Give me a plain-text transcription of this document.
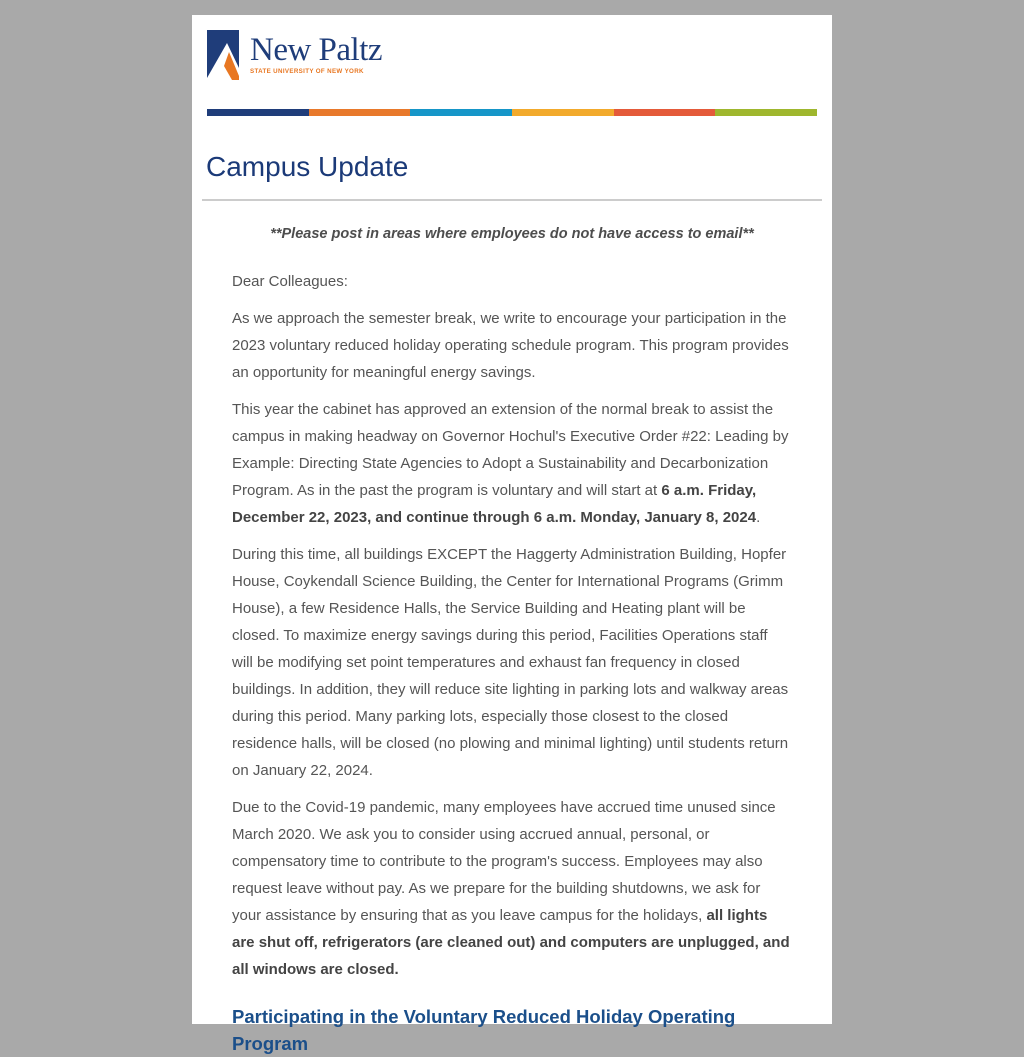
New Paltz
STATE UNIVERSITY OF NEW YORK
Campus Update
**Please post in areas where employees do not have access to email**

Dear Colleagues:

As we approach the semester break, we write to encourage your participation in the 2023 voluntary reduced holiday operating schedule program. This program provides an opportunity for meaningful energy savings.

This year the cabinet has approved an extension of the normal break to assist the campus in making headway on Governor Hochul's Executive Order #22: Leading by Example: Directing State Agencies to Adopt a Sustainability and Decarbonization Program. As in the past the program is voluntary and will start at 6 a.m. Friday, December 22, 2023, and continue through 6 a.m. Monday, January 8, 2024.

During this time, all buildings EXCEPT the Haggerty Administration Building, Hopfer House, Coykendall Science Building, the Center for International Programs (Grimm House), a few Residence Halls, the Service Building and Heating plant will be closed. To maximize energy savings during this period, Facilities Operations staff will be modifying set point temperatures and exhaust fan frequency in closed buildings. In addition, they will reduce site lighting in parking lots and walkway areas during this period. Many parking lots, especially those closest to the closed residence halls, will be closed (no plowing and minimal lighting) until students return on January 22, 2024.

Due to the Covid-19 pandemic, many employees have accrued time unused since March 2020. We ask you to consider using accrued annual, personal, or compensatory time to contribute to the program's success. Employees may also request leave without pay. As we prepare for the building shutdowns, we ask for your assistance by ensuring that as you leave campus for the holidays, all lights are shut off, refrigerators (are cleaned out) and computers are unplugged, and all windows are closed.

Participating in the Voluntary Reduced Holiday Operating Program
